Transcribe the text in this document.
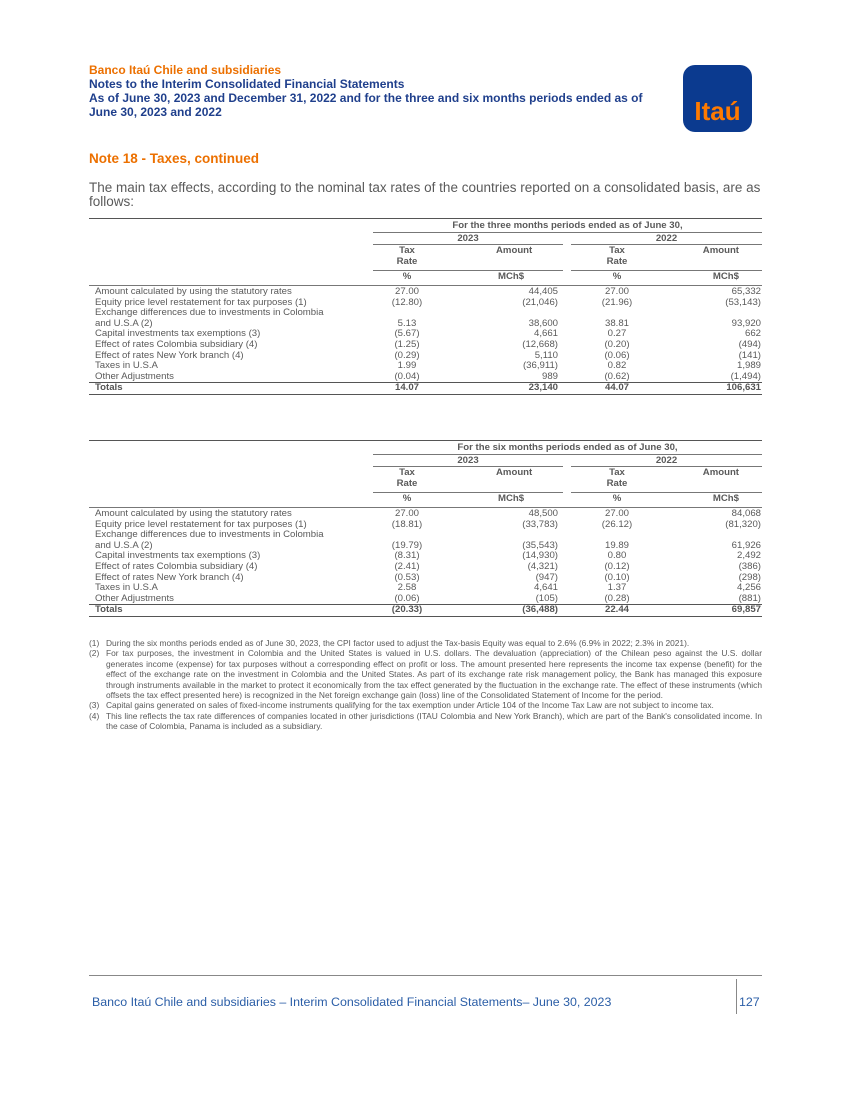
Banco Itaú Chile and subsidiaries
Notes to the Interim Consolidated Financial Statements
As of June 30, 2023 and December 31, 2022 and for the three and six months periods ended as of
June 30, 2023 and 2022	Itaú
Note 18 - Taxes, continued
The main tax effects, according to the nominal tax rates of the countries reported on a consolidated basis, are as follows:
For the three months periods ended as of June 30,
2023	2022
Tax
Rate
Amount	Tax
Rate
Amount
%	MCh$	%	MCh$
Amount calculated by using the statutory rates	27.00	44,405	27.00	65,332
Equity price level restatement for tax purposes (1)	(12.80)	(21,046)	(21.96)	(53,143)
Exchange differences due to investments in Colombia
and U.S.A (2)	5.13	38,600	38.81	93,920
Capital investments tax exemptions (3)	(5.67)	4,661	0.27	662
Effect of rates Colombia subsidiary (4)	(1.25)	(12,668)	(0.20)	(494)
Effect of rates New York branch (4)	(0.29)	5,110	(0.06)	(141)
Taxes in U.S.A	1.99	(36,911)	0.82	1,989
Other Adjustments	(0.04)	989	(0.62)	(1,494)
Totals	14.07	23,140	44.07	106,631
For the six months periods ended as of June 30,
2023	2022
Tax
Rate
Amount	Tax
Rate
Amount
%	MCh$	%	MCh$
Amount calculated by using the statutory rates	27.00	48,500	27.00	84,068
Equity price level restatement for tax purposes (1)	(18.81)	(33,783)	(26.12)	(81,320)
Exchange differences due to investments in Colombia
and U.S.A (2)	(19.79)	(35,543)	19.89	61,926
Capital investments tax exemptions (3)	(8.31)	(14,930)	0.80	2,492
Effect of rates Colombia subsidiary (4)	(2.41)	(4,321)	(0.12)	(386)
Effect of rates New York branch (4)	(0.53)	(947)	(0.10)	(298)
Taxes in U.S.A	2.58	4,641	1.37	4,256
Other Adjustments	(0.06)	(105)	(0.28)	(881)
Totals	(20.33)	(36,488)	22.44	69,857
(1) During the six months periods ended as of June 30, 2023, the CPI factor used to adjust the Tax-basis Equity was equal to 2.6% (6.9% in 2022; 2.3% in 2021).
(2) For tax purposes, the investment in Colombia and the United States is valued in U.S. dollars. The devaluation (appreciation) of the Chilean peso against the U.S. dollar generates income (expense) for tax purposes without a corresponding effect on profit or loss. The amount presented here represents the income tax expense (benefit) for the effect of the exchange rate on the investment in Colombia and the United States. As part of its exchange rate risk management policy, the Bank has managed this exposure through instruments available in the market to protect it economically from the tax effect generated by the fluctuation in the exchange rate. The effect of these instruments (which offsets the tax effect presented here) is recognized in the Net foreign exchange gain (loss) line of the Consolidated Statement of Income for the period.
(3) Capital gains generated on sales of fixed-income instruments qualifying for the tax exemption under Article 104 of the Income Tax Law are not subject to income tax.
(4) This line reflects the tax rate differences of companies located in other jurisdictions (ITAU Colombia and New York Branch), which are part of the Bank's consolidated income. In the case of Colombia, Panama is included as a subsidiary.
Banco Itaú Chile and subsidiaries – Interim Consolidated Financial Statements– June 30, 2023	127
